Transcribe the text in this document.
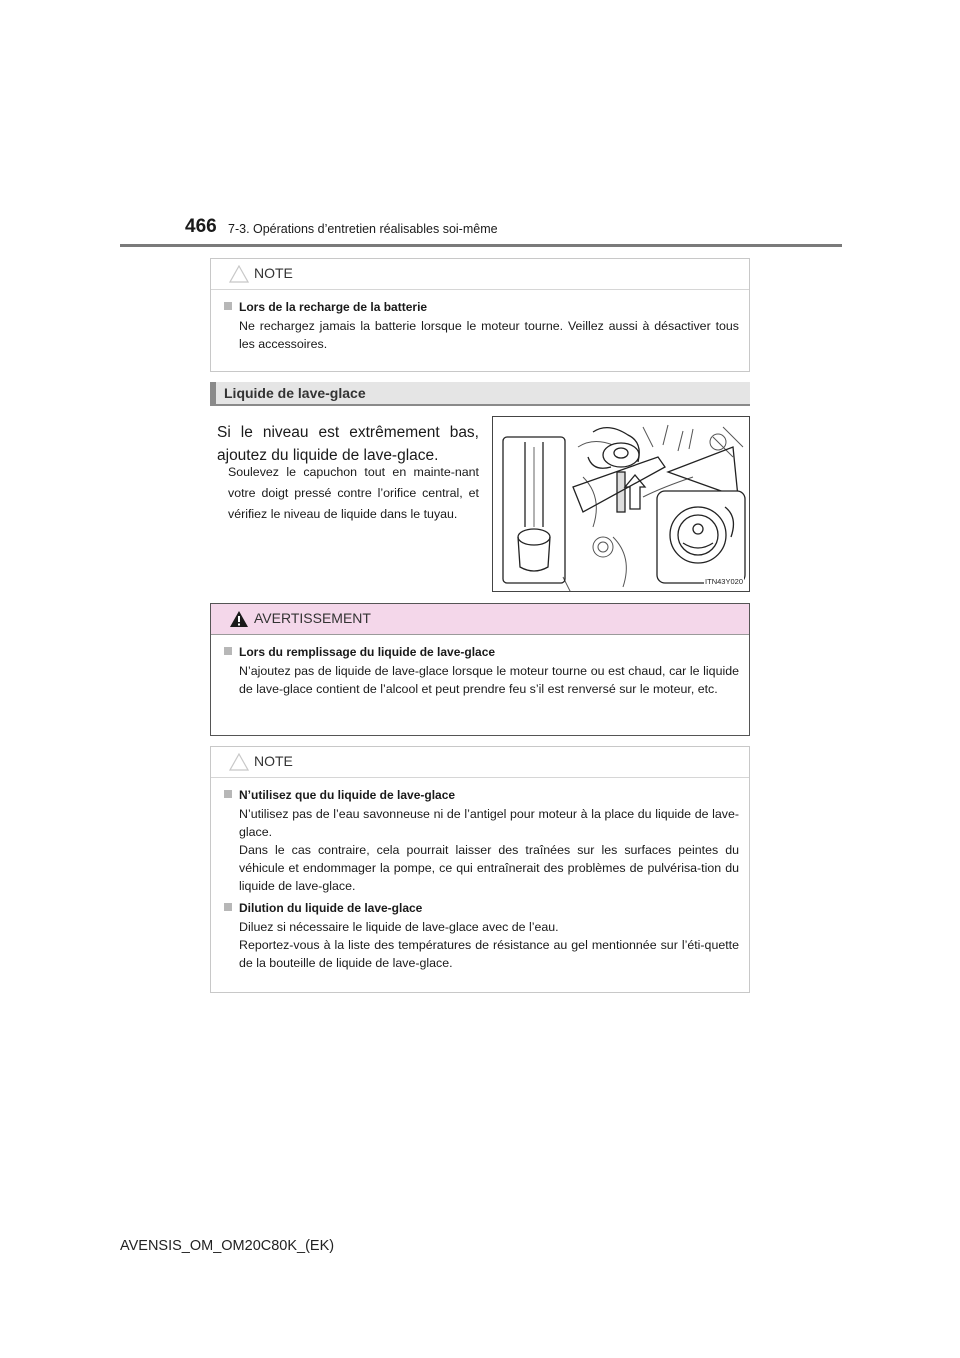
466 7-3. Opérations d’entretien réalisables soi-même
NOTE
Lors de la recharge de la batterie

Ne rechargez jamais la batterie lorsque le moteur tourne. Veillez aussi à désactiver tous les accessoires.

Liquide de lave-glace
Si le niveau est extrêmement bas, ajoutez du liquide de lave-glace.
Soulevez le capuchon tout en mainte-nant votre doigt pressé contre l’orifice central, et vérifiez le niveau de liquide dans le tuyau.
ITN43Y020
AVERTISSEMENT
Lors du remplissage du liquide de lave-glace

N’ajoutez pas de liquide de lave-glace lorsque le moteur tourne ou est chaud, car le liquide de lave-glace contient de l’alcool et peut prendre feu s’il est renversé sur le moteur, etc.

NOTE
N’utilisez que du liquide de lave-glace

N’utilisez pas de l’eau savonneuse ni de l’antigel pour moteur à la place du liquide de lave-glace.

Dans le cas contraire, cela pourrait laisser des traînées sur les surfaces peintes du véhicule et endommager la pompe, ce qui entraînerait des problèmes de pulvérisa-tion du liquide de lave-glace.

Dilution du liquide de lave-glace

Diluez si nécessaire le liquide de lave-glace avec de l’eau.

Reportez-vous à la liste des températures de résistance au gel mentionnée sur l’éti-quette de la bouteille de liquide de lave-glace.

AVENSIS_OM_OM20C80K_(EK)
